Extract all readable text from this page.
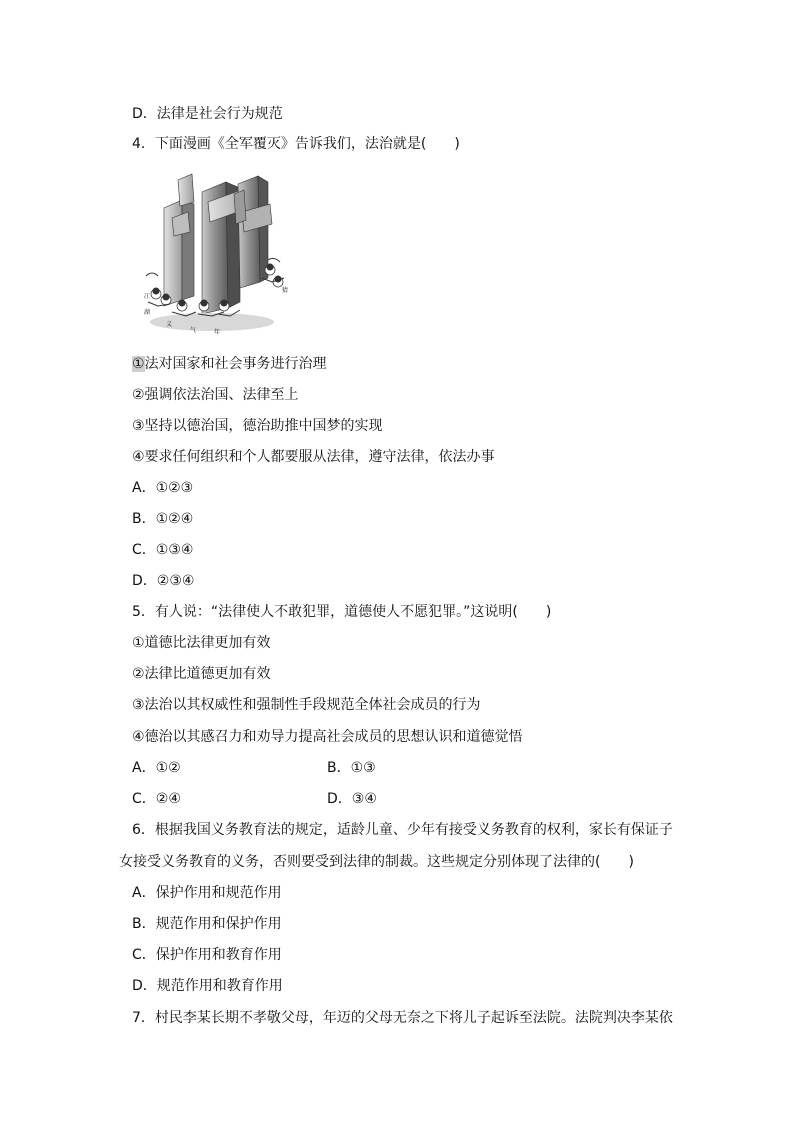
D．法律是社会行为规范
4．下面漫画《全军覆灭》告诉我们，法治就是(　　)
冮
湖
义
气	年
猜
①法对国家和社会事务进行治理
②强调依法治国、法律至上
③坚持以德治国，德治助推中国梦的实现
④要求任何组织和个人都要服从法律，遵守法律，依法办事
A．①②③
B．①②④
C．①③④
D．②③④
5．有人说：“法律使人不敢犯罪，道德使人不愿犯罪。”这说明(　　)
①道德比法律更加有效
②法律比道德更加有效
③法治以其权威性和强制性手段规范全体社会成员的行为
④德治以其感召力和劝导力提高社会成员的思想认识和道德觉悟
A．①②	B．①③
C．②④	D．③④
6．根据我国义务教育法的规定，适龄儿童、少年有接受义务教育的权利，家长有保证子
女接受义务教育的义务，否则要受到法律的制裁。这些规定分别体现了法律的(　　)
A．保护作用和规范作用
B．规范作用和保护作用
C．保护作用和教育作用
D．规范作用和教育作用
7．村民李某长期不孝敬父母，年迈的父母无奈之下将儿子起诉至法院。法院判决李某依
